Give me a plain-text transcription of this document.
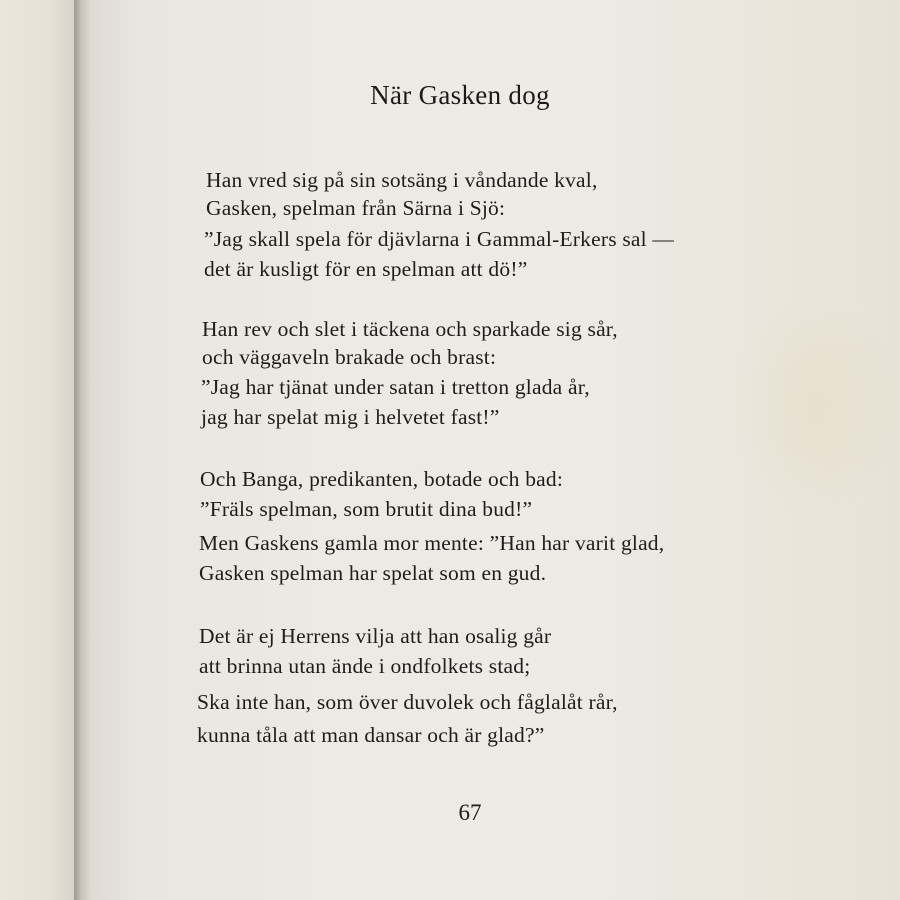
När Gasken dog
Han vred sig på sin sotsäng i våndande kval,
Gasken, spelman från Särna i Sjö:
”Jag skall spela för djävlarna i Gammal-Erkers sal —
det är kusligt för en spelman att dö!”
Han rev och slet i täckena och sparkade sig sår,
och väggaveln brakade och brast:
”Jag har tjänat under satan i tretton glada år,
jag har spelat mig i helvetet fast!”
Och Banga, predikanten, botade och bad:
”Fräls spelman, som brutit dina bud!”
Men Gaskens gamla mor mente: ”Han har varit glad,
Gasken spelman har spelat som en gud.
Det är ej Herrens vilja att han osalig går
att brinna utan ände i ondfolkets stad;
Ska inte han, som över duvolek och fåglalåt rår,
kunna tåla att man dansar och är glad?”
67
